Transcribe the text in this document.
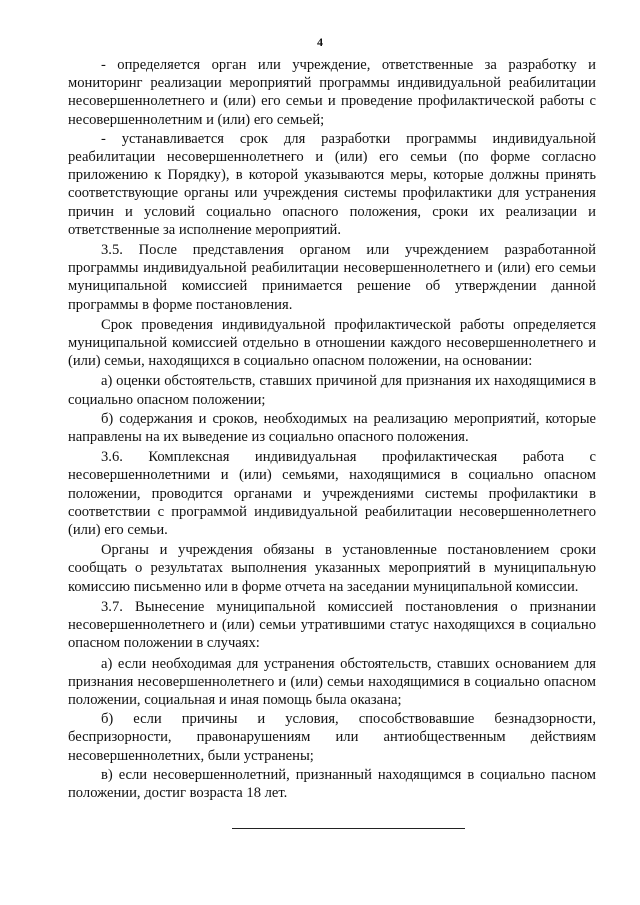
4

- определяется орган или учреждение, ответственные за разработку и мониторинг реализации мероприятий программы индивидуальной реабилитации несовершеннолетнего и (или) его семьи и проведение профилактической работы с несовершеннолетним и (или) его семьей;

- устанавливается срок для разработки программы индивидуальной реабилитации несовершеннолетнего и (или) его семьи (по форме согласно приложению к Порядку), в которой указываются меры, которые должны принять соответствующие органы или учреждения системы профилактики для устранения причин и условий социально опасного положения, сроки их реализации и ответственные за исполнение мероприятий.

3.5. После представления органом или учреждением разработанной программы индивидуальной реабилитации несовершеннолетнего и (или) его семьи муниципальной комиссией принимается решение об утверждении данной программы в форме постановления.

Срок проведения индивидуальной профилактической работы определяется муниципальной комиссией отдельно в отношении каждого несовершеннолетнего и (или) семьи, находящихся в социально опасном положении, на основании:

а) оценки обстоятельств, ставших причиной для признания их находящимися в социально опасном положении;

б) содержания и сроков, необходимых на реализацию мероприятий, которые направлены на их выведение из социально опасного положения.

3.6. Комплексная индивидуальная профилактическая работа с несовершеннолетними и (или) семьями, находящимися в социально опасном положении, проводится органами и учреждениями системы профилактики в соответствии с программой индивидуальной реабилитации несовершеннолетнего (или) его семьи.

Органы и учреждения обязаны в установленные постановлением сроки сообщать о результатах выполнения указанных мероприятий в муниципальную комиссию письменно или в форме отчета на заседании муниципальной комиссии.

3.7. Вынесение муниципальной комиссией постановления о признании несовершеннолетнего и (или) семьи утратившими статус находящихся в социально опасном положении в случаях:

а) если необходимая для устранения обстоятельств, ставших основанием для признания несовершеннолетнего и (или) семьи находящимися в социально опасном положении, социальная и иная помощь была оказана;

б) если причины и условия, способствовавшие безнадзорности, беспризорности, правонарушениям или антиобщественным действиям несовершеннолетних, были устранены;

в) если несовершеннолетний, признанный находящимся в социально пасном положении, достиг возраста 18 лет.
